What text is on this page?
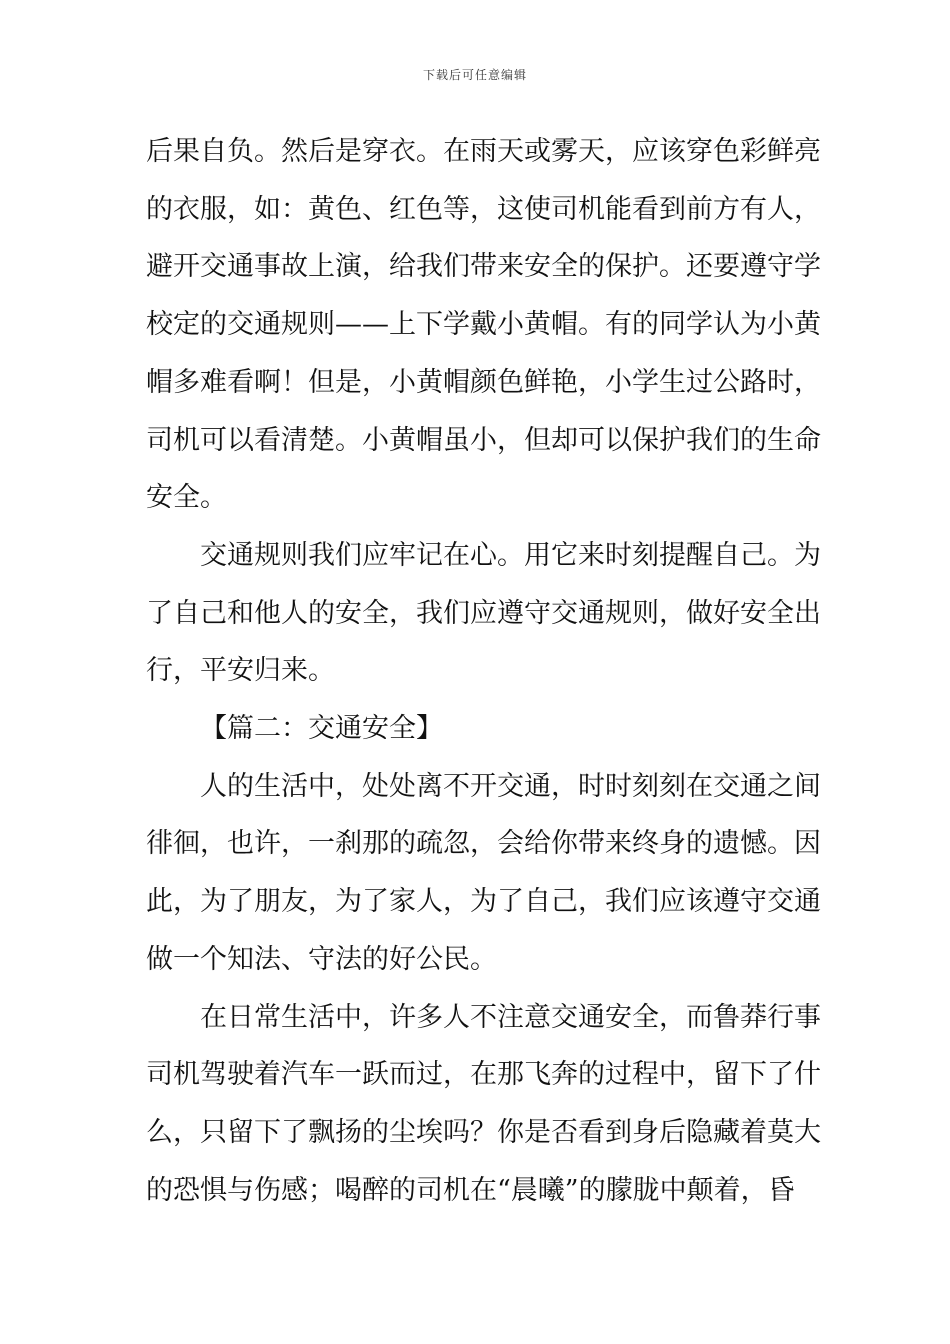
下载后可任意编辑
后果自负。然后是穿衣。在雨天或雾天，应该穿色彩鲜亮
的衣服，如：黄色、红色等，这使司机能看到前方有人，
避开交通事故上演，给我们带来安全的保护。还要遵守学
校定的交通规则——上下学戴小黄帽。有的同学认为小黄
帽多难看啊！但是，小黄帽颜色鲜艳，小学生过公路时，
司机可以看清楚。小黄帽虽小，但却可以保护我们的生命
安全。
交通规则我们应牢记在心。用它来时刻提醒自己。为
了自己和他人的安全，我们应遵守交通规则，做好安全出
行，平安归来。
【篇二：交通安全】
人的生活中，处处离不开交通，时时刻刻在交通之间
徘徊，也许，一刹那的疏忽，会给你带来终身的遗憾。因
此，为了朋友，为了家人，为了自己，我们应该遵守交通
做一个知法、守法的好公民。
在日常生活中，许多人不注意交通安全，而鲁莽行事
司机驾驶着汽车一跃而过，在那飞奔的过程中，留下了什
么，只留下了飘扬的尘埃吗？你是否看到身后隐藏着莫大
的恐惧与伤感；喝醉的司机在“晨曦”的朦胧中颠着，昏
